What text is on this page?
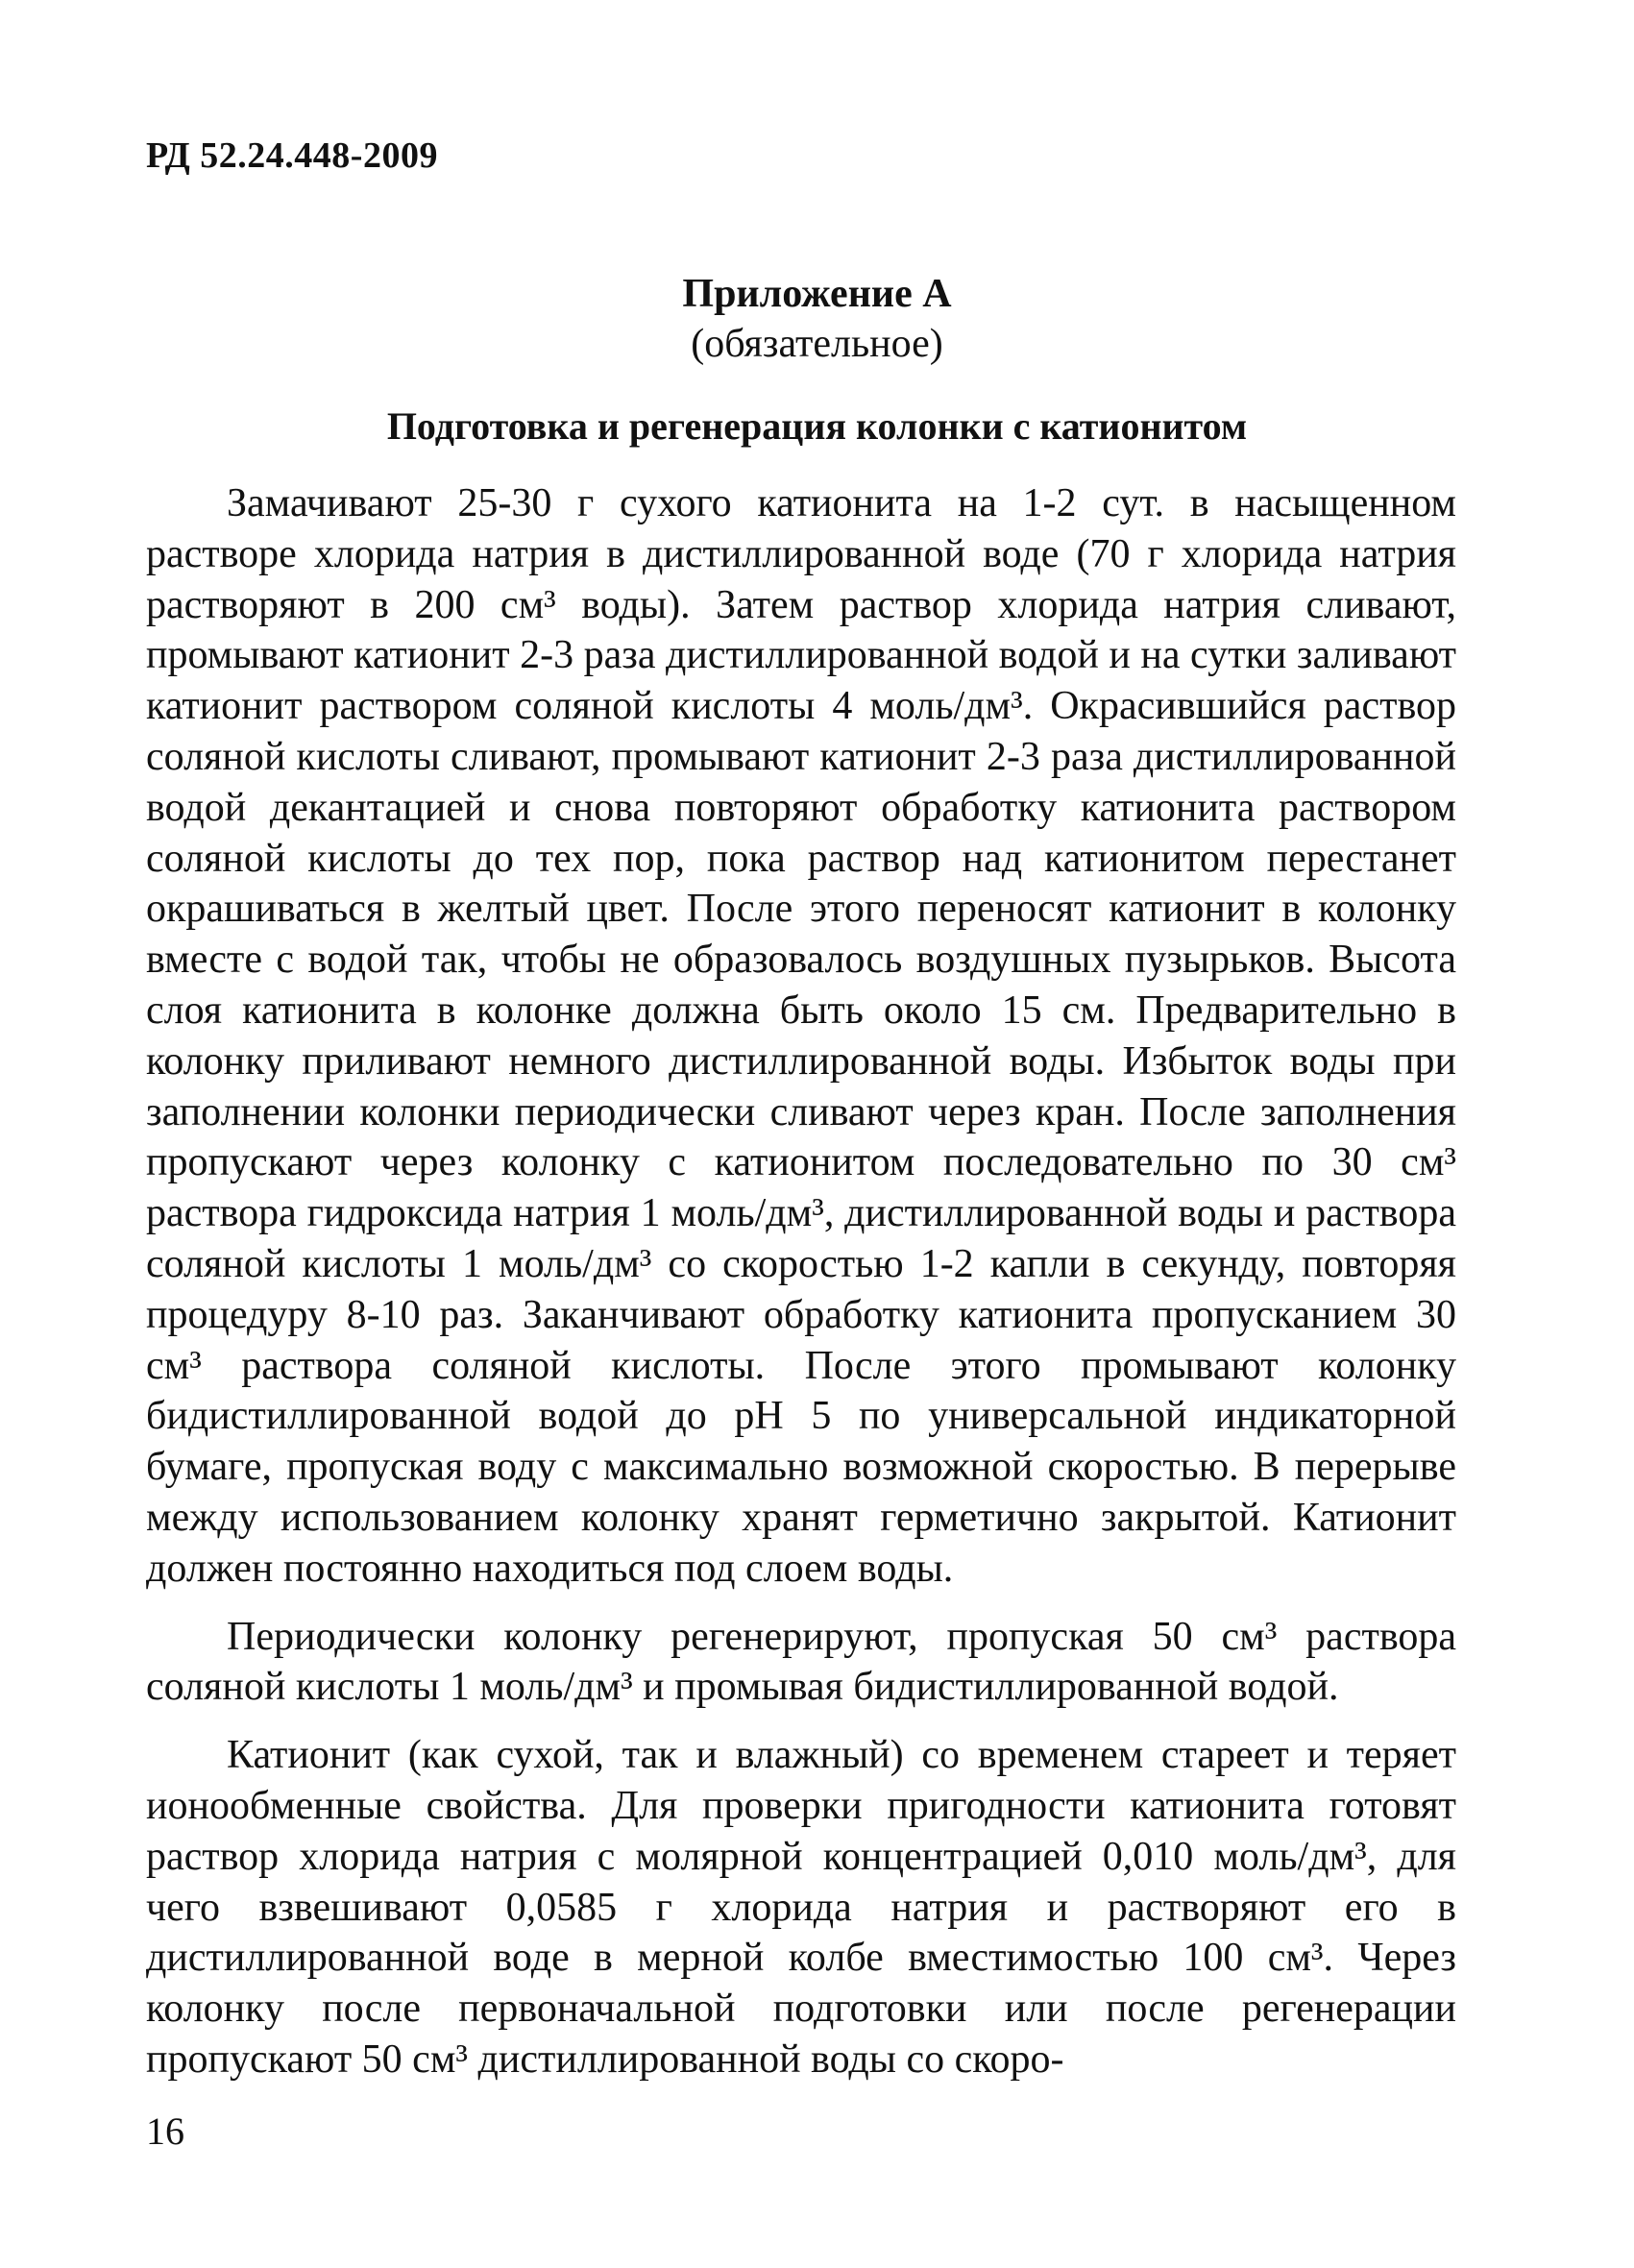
РД 52.24.448-2009
Приложение А
(обязательное)
Подготовка и регенерация колонки с катионитом

Замачивают 25-30 г сухого катионита на 1-2 сут. в насыщенном растворе хлорида натрия в дистиллированной воде (70 г хлорида натрия растворяют в 200 см³ воды). Затем раствор хлорида натрия сливают, промывают катионит 2-3 раза дистиллированной водой и на сутки заливают катионит раствором соляной кислоты 4 моль/дм³. Окрасившийся раствор соляной кислоты сливают, промывают катионит 2-3 раза дистиллированной водой декантацией и снова повторяют обработку катионита раствором соляной кислоты до тех пор, пока раствор над катионитом перестанет окрашиваться в желтый цвет. После этого переносят катионит в колонку вместе с водой так, чтобы не образовалось воздушных пузырьков. Высота слоя катионита в колонке должна быть около 15 см. Предварительно в колонку приливают немного дистиллированной воды. Избыток воды при заполнении колонки периодически сливают через кран. После заполнения пропускают через колонку с катионитом последовательно по 30 см³ раствора гидроксида натрия 1 моль/дм³, дистиллированной воды и раствора соляной кислоты 1 моль/дм³ со скоростью 1-2 капли в секунду, повторяя процедуру 8-10 раз. Заканчивают обработку катионита пропусканием 30 см³ раствора соляной кислоты. После этого промывают колонку бидистиллированной водой до pH 5 по универсальной индикаторной бумаге, пропуская воду с максимально возможной скоростью. В перерыве между использованием колонку хранят герметично закрытой. Катионит должен постоянно находиться под слоем воды.

Периодически колонку регенерируют, пропуская 50 см³ раствора соляной кислоты 1 моль/дм³ и промывая бидистиллированной водой.

Катионит (как сухой, так и влажный) со временем стареет и теряет ионообменные свойства. Для проверки пригодности катионита готовят раствор хлорида натрия с молярной концентрацией 0,010 моль/дм³, для чего взвешивают 0,0585 г хлорида натрия и растворяют его в дистиллированной воде в мерной колбе вместимостью 100 см³. Через колонку после первоначальной подготовки или после регенерации пропускают 50 см³ дистиллированной воды со скоро-

16
